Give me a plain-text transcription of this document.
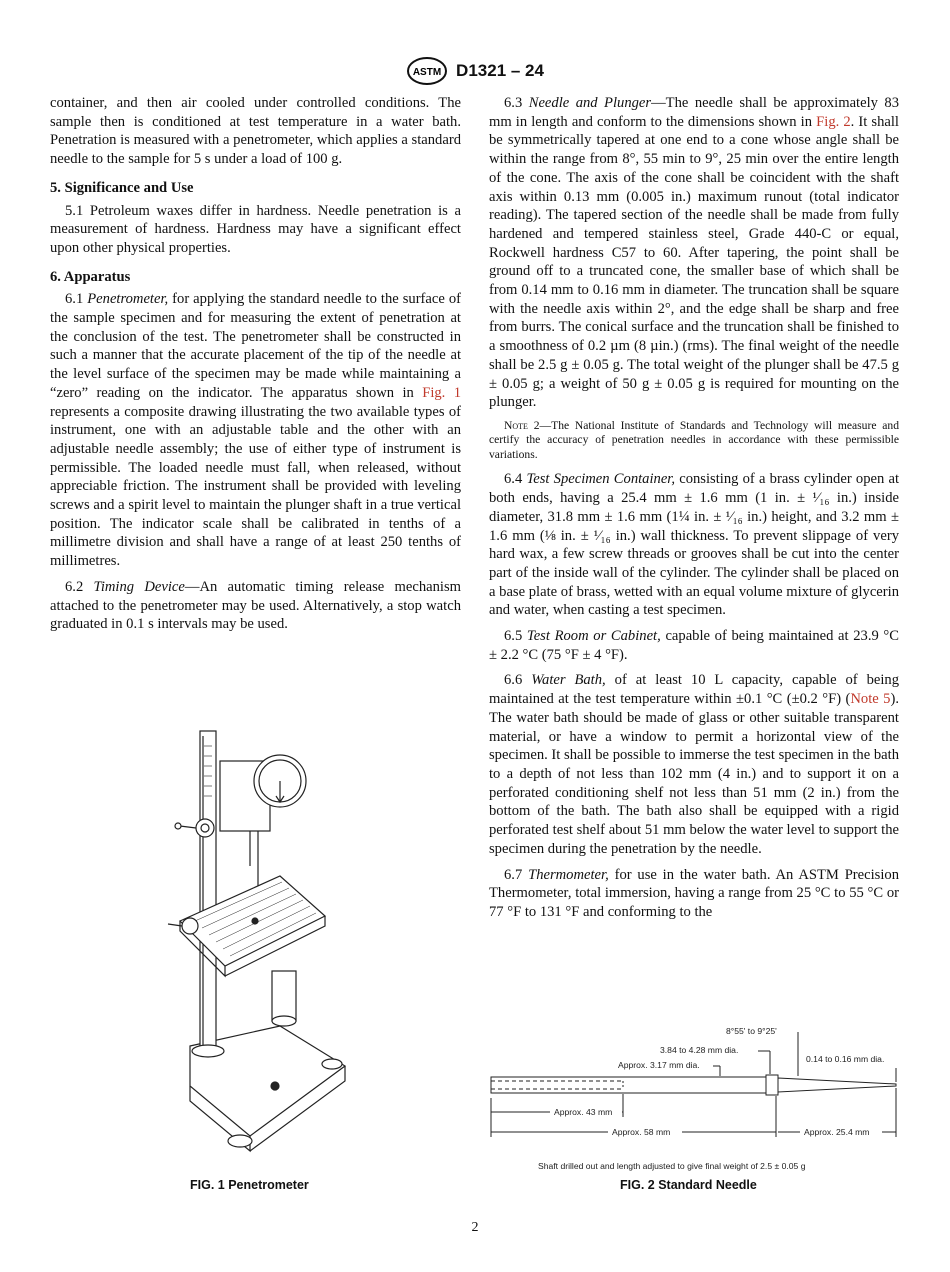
ASTM D1321 – 24

container, and then air cooled under controlled conditions. The sample then is conditioned at test temperature in a water bath. Penetration is measured with a penetrometer, which applies a standard needle to the sample for 5 s under a load of 100 g.

5. Significance and Use

5.1 Petroleum waxes differ in hardness. Needle penetration is a measurement of hardness. Hardness may have a significant effect upon other physical properties.

6. Apparatus

6.1 Penetrometer, for applying the standard needle to the surface of the sample specimen and for measuring the extent of penetration at the conclusion of the test. The penetrometer shall be constructed in such a manner that the accurate placement of the tip of the needle at the level surface of the specimen may be made while maintaining a “zero” reading on the indicator. The apparatus shown in Fig. 1 represents a composite drawing illustrating the two available types of instrument, one with an adjustable table and the other with an adjustable needle assembly; the use of either type of instrument is permissible. The loaded needle must fall, when released, without appreciable friction. The instrument shall be provided with leveling screws and a spirit level to maintain the plunger shaft in a true vertical position. The indicator scale shall be calibrated in tenths of a millimetre division and shall have a range of at least 250 tenths of millimetres.

6.2 Timing Device—An automatic timing release mechanism attached to the penetrometer may be used. Alternatively, a stop watch graduated in 0.1 s intervals may be used.

6.3 Needle and Plunger—The needle shall be approximately 83 mm in length and conform to the dimensions shown in Fig. 2. It shall be symmetrically tapered at one end to a cone whose angle shall be within the range from 8°, 55 min to 9°, 25 min over the entire length of the cone. The axis of the cone shall be coincident with the shaft axis within 0.13 mm (0.005 in.) maximum runout (total indicator reading). The tapered section of the needle shall be made from fully hardened and tempered stainless steel, Grade 440-C or equal, Rockwell hardness C57 to 60. After tapering, the point shall be ground off to a truncated cone, the smaller base of which shall be from 0.14 mm to 0.16 mm in diameter. The truncation shall be square with the needle axis within 2°, and the edge shall be sharp and free from burrs. The conical surface and the truncation shall be finished to a smoothness of 0.2 µm (8 µin.) (rms). The final weight of the needle shall be 2.5 g ± 0.05 g. The total weight of the plunger shall be 47.5 g ± 0.05 g; a weight of 50 g ± 0.05 g is required for mounting on the plunger.

Note 2—The National Institute of Standards and Technology will measure and certify the accuracy of penetration needles in accordance with these permissible variations.

6.4 Test Specimen Container, consisting of a brass cylinder open at both ends, having a 25.4 mm ± 1.6 mm (1 in. ± ¹⁄₁₆ in.) inside diameter, 31.8 mm ± 1.6 mm (1¼ in. ± ¹⁄₁₆ in.) height, and 3.2 mm ± 1.6 mm (⅛ in. ± ¹⁄₁₆ in.) wall thickness. To prevent slippage of very hard wax, a few screw threads or grooves shall be cut into the center part of the inside wall of the cylinder. The cylinder shall be placed on a base plate of brass, wetted with an equal volume mixture of glycerin and water, when casting a test specimen.

6.5 Test Room or Cabinet, capable of being maintained at 23.9 °C ± 2.2 °C (75 °F ± 4 °F).

6.6 Water Bath, of at least 10 L capacity, capable of being maintained at the test temperature within ±0.1 °C (±0.2 °F) (Note 5). The water bath should be made of glass or other suitable transparent material, or have a window to permit a horizontal view of the specimen. It shall be possible to immerse the test specimen in the bath to a depth of not less than 102 mm (4 in.) and to support it on a perforated conditioning shelf not less than 51 mm (2 in.) from the bottom of the bath. The bath also shall be equipped with a rigid perforated test shelf about 51 mm below the water level to support the specimen during the penetration by the needle.

6.7 Thermometer, for use in the water bath. An ASTM Precision Thermometer, total immersion, having a range from 25 °C to 55 °C or 77 °F to 131 °F and conforming to the

8°55' to 9°25'
3.84 to 4.28 mm dia.
Approx. 3.17 mm dia.
0.14 to 0.16 mm dia.
Approx. 43 mm
Approx. 58 mm	Approx. 25.4 mm
Shaft drilled out and length adjusted to give final weight of 2.5 ± 0.05 g
FIG. 1 Penetrometer	FIG. 2 Standard Needle
2
